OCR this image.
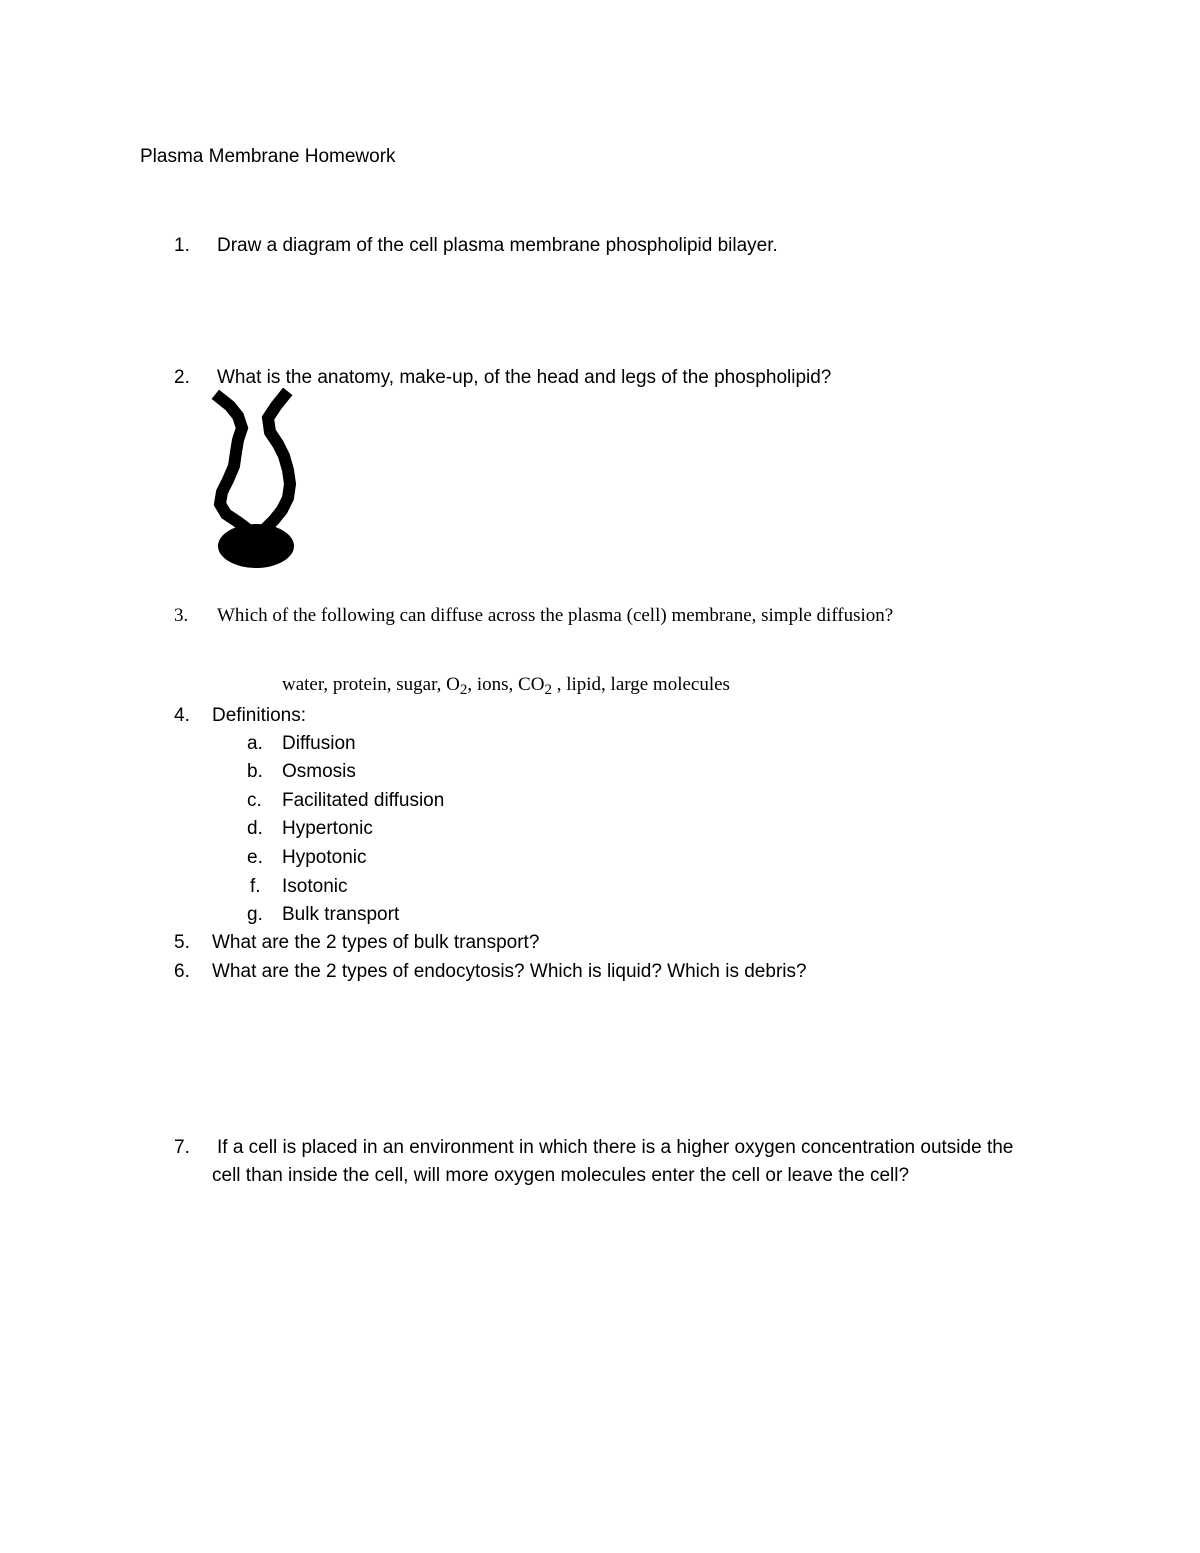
Plasma Membrane Homework
1. Draw a diagram of the cell plasma membrane phospholipid bilayer.
2. What is the anatomy, make-up, of the head and legs of the phospholipid?
3. Which of the following can diffuse across the plasma (cell) membrane, simple diffusion?
water, protein, sugar, $O_2$, ions, $CO_2$ , lipid, large molecules
4. Definitions:
a. Diffusion
b. Osmosis
c. Facilitated diffusion
d. Hypertonic
e. Hypotonic
f. Isotonic
g. Bulk transport
5. What are the 2 types of bulk transport?
6. What are the 2 types of endocytosis? Which is liquid? Which is debris?
7. If a cell is placed in an environment in which there is a higher oxygen concentration outside the
cell than inside the cell, will more oxygen molecules enter the cell or leave the cell?
